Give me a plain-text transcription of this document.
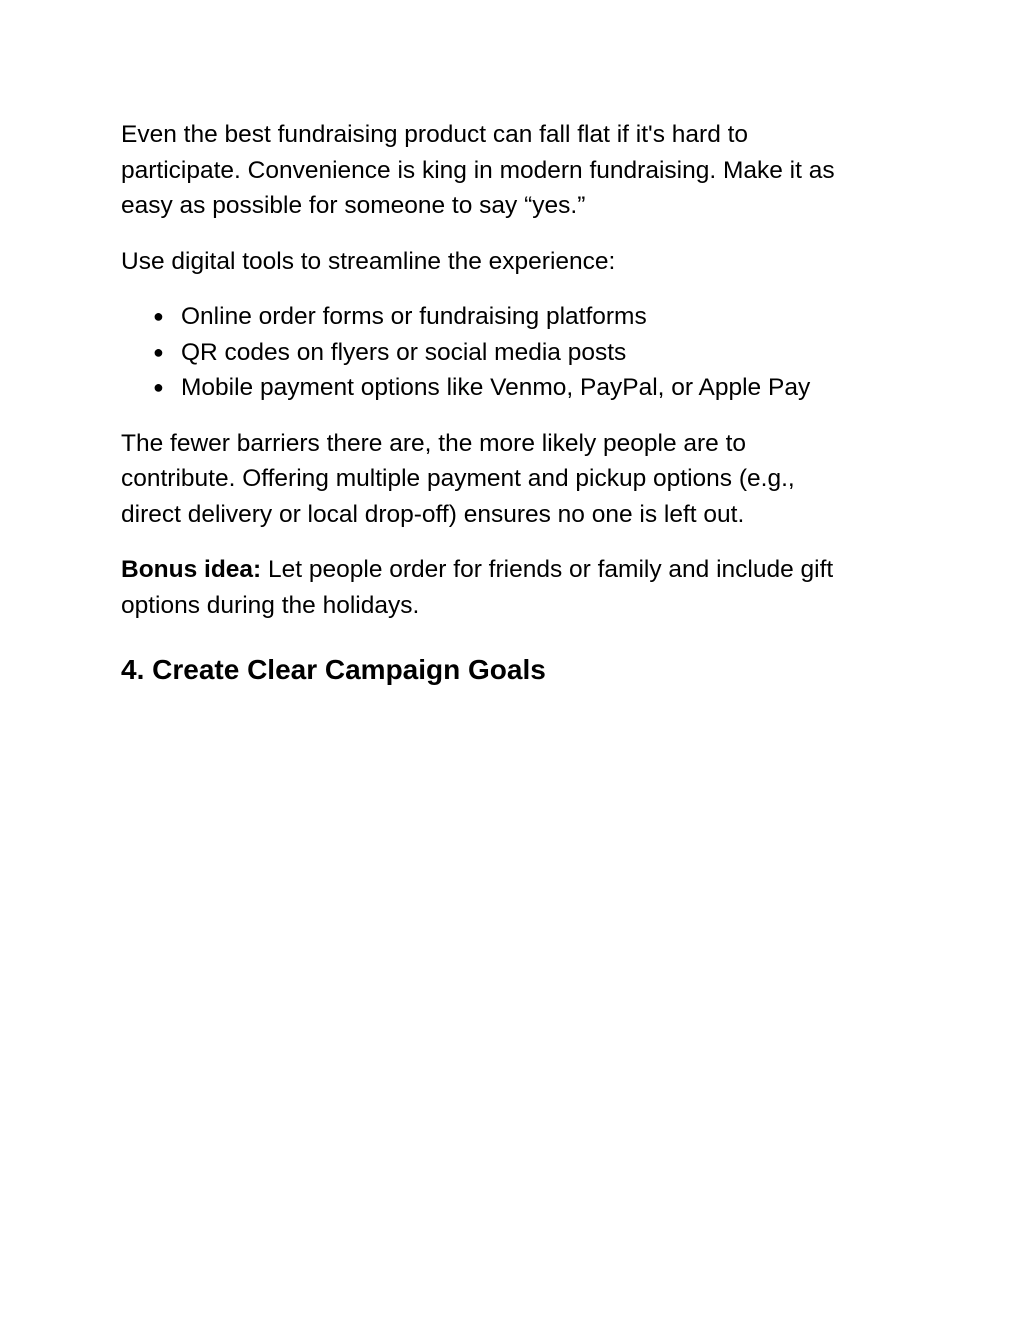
Even the best fundraising product can fall flat if it's hard to
participate. Convenience is king in modern fundraising. Make it as
easy as possible for someone to say “yes.”

Use digital tools to streamline the experience:

● Online order forms or fundraising platforms
● QR codes on flyers or social media posts
● Mobile payment options like Venmo, PayPal, or Apple Pay

The fewer barriers there are, the more likely people are to
contribute. Offering multiple payment and pickup options (e.g.,
direct delivery or local drop-off) ensures no one is left out.

Bonus idea: Let people order for friends or family and include gift
options during the holidays.

4. Create Clear Campaign Goals
